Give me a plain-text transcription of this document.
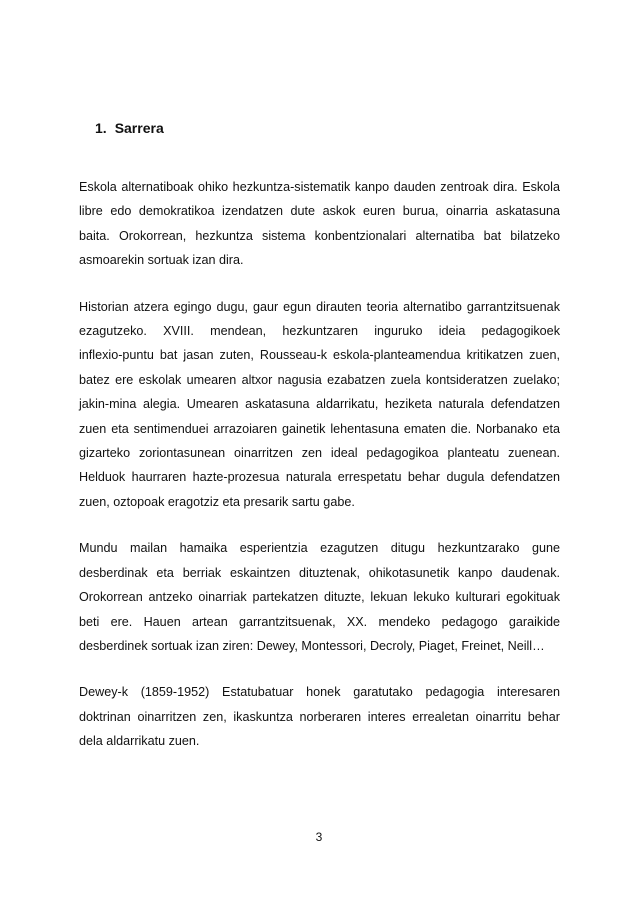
1. Sarrera

Eskola alternatiboak ohiko hezkuntza-sistematik kanpo dauden zentroak dira. Eskola
libre edo demokratikoa izendatzen dute askok euren burua, oinarria askatasuna
baita. Orokorrean, hezkuntza sistema konbentzionalari alternatiba bat bilatzeko
asmoarekin sortuak izan dira.

Historian atzera egingo dugu, gaur egun dirauten teoria alternatibo garrantzitsuenak
ezagutzeko. XVIII. mendean, hezkuntzaren inguruko ideia pedagogikoek
inflexio-puntu bat jasan zuten, Rousseau-k eskola-planteamendua kritikatzen zuen,
batez ere eskolak umearen altxor nagusia ezabatzen zuela kontsideratzen zuelako;
jakin-mina alegia. Umearen askatasuna aldarrikatu, heziketa naturala defendatzen
zuen eta sentimenduei arrazoiaren gainetik lehentasuna ematen die. Norbanako eta
gizarteko zoriontasunean oinarritzen zen ideal pedagogikoa planteatu zuenean.
Helduok haurraren hazte-prozesua naturala errespetatu behar dugula defendatzen
zuen, oztopoak eragotziz eta presarik sartu gabe.

Mundu mailan hamaika esperientzia ezagutzen ditugu hezkuntzarako gune
desberdinak eta berriak eskaintzen dituztenak, ohikotasunetik kanpo daudenak.
Orokorrean antzeko oinarriak partekatzen dituzte, lekuan lekuko kulturari egokituak
beti ere. Hauen artean garrantzitsuenak, XX. mendeko pedagogo garaikide
desberdinek sortuak izan ziren: Dewey, Montessori, Decroly, Piaget, Freinet, Neill…

Dewey-k (1859-1952) Estatubatuar honek garatutako pedagogia interesaren
doktrinan oinarritzen zen, ikaskuntza norberaren interes errealetan oinarritu behar
dela aldarrikatu zuen.

3
